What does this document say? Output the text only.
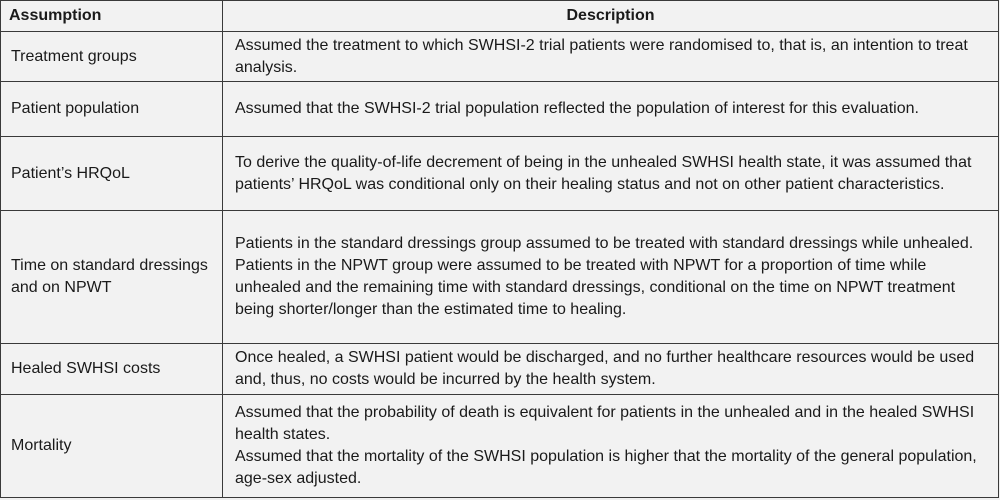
Assumption	Description
Treatment groups
Assumed the treatment to which SWHSI-2 trial patients were randomised to, that is, an intention to treat analysis.
Patient population	Assumed that the SWHSI-2 trial population reflected the population of interest for this evaluation.
Patient’s HRQoL
To derive the quality-of-life decrement of being in the unhealed SWHSI health state, it was assumed that patients’ HRQoL was conditional only on their healing status and not on other patient characteristics.
Time on standard dressings and on NPWT
Patients in the standard dressings group assumed to be treated with standard dressings while unhealed.
Patients in the NPWT group were assumed to be treated with NPWT for a proportion of time while unhealed and the remaining time with standard dressings, conditional on the time on NPWT treatment being shorter/longer than the estimated time to healing.
Healed SWHSI costs
Once healed, a SWHSI patient would be discharged, and no further healthcare resources would be used and, thus, no costs would be incurred by the health system.
Mortality
Assumed that the probability of death is equivalent for patients in the unhealed and in the healed SWHSI health states.
Assumed that the mortality of the SWHSI population is higher that the mortality of the general population, age-sex adjusted.
